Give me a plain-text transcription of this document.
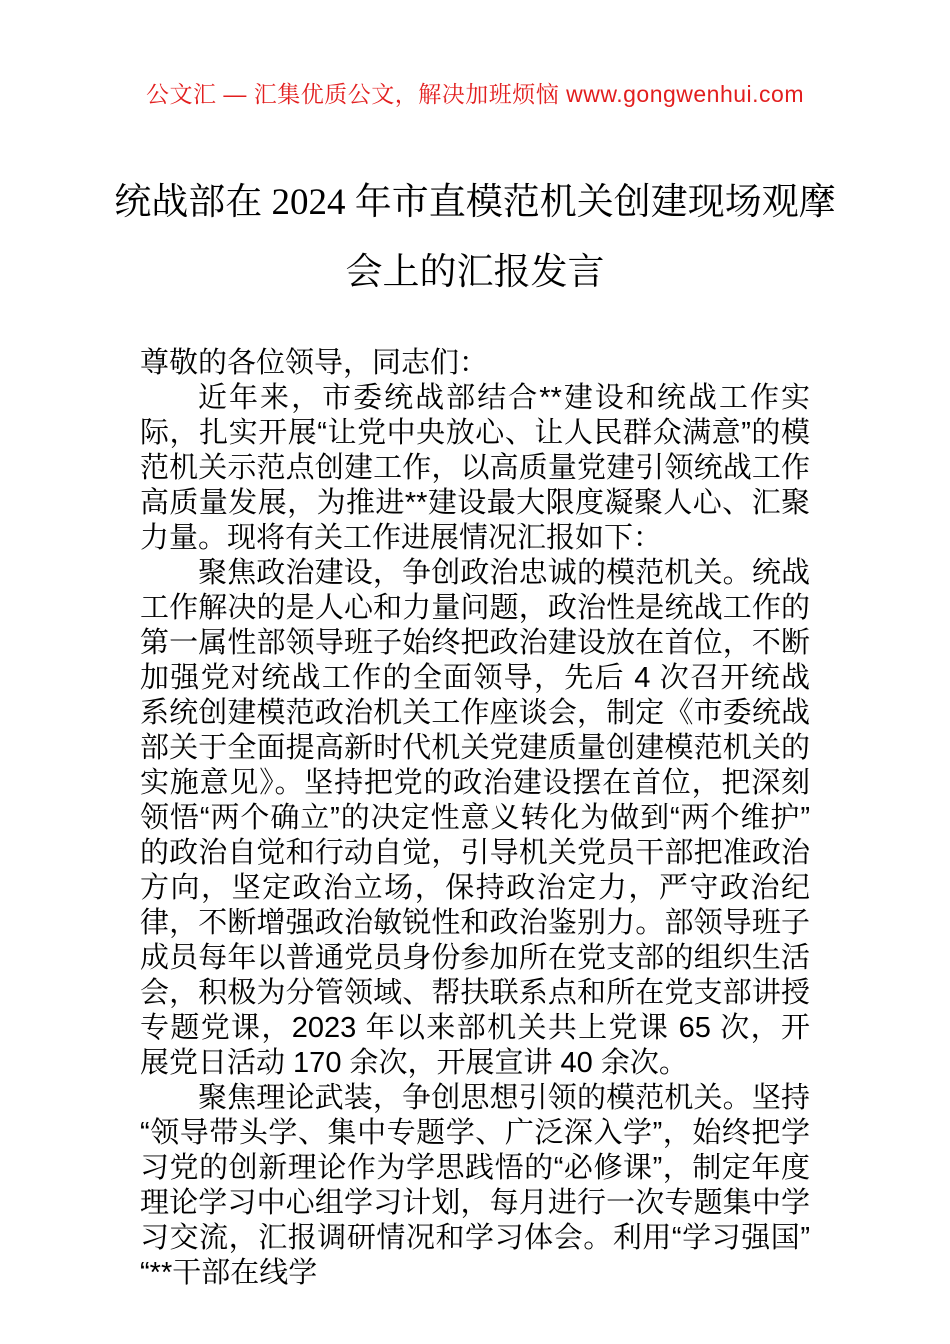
公文汇 — 汇集优质公文，解决加班烦恼 www.gongwenhui.com
统战部在 2024 年市直模范机关创建现场观摩会上的汇报发言

尊敬的各位领导，同志们：

近年来，市委统战部结合**建设和统战工作实际，扎实开展“让党中央放心、让人民群众满意”的模范机关示范点创建工作，以高质量党建引领统战工作高质量发展，为推进**建设最大限度凝聚人心、汇聚力量。现将有关工作进展情况汇报如下：

聚焦政治建设，争创政治忠诚的模范机关。统战工作解决的是人心和力量问题，政治性是统战工作的第一属性部领导班子始终把政治建设放在首位，不断加强党对统战工作的全面领导，先后 4 次召开统战系统创建模范政治机关工作座谈会，制定《市委统战部关于全面提高新时代机关党建质量创建模范机关的实施意见》。坚持把党的政治建设摆在首位，把深刻领悟“两个确立”的决定性意义转化为做到“两个维护”的政治自觉和行动自觉，引导机关党员干部把准政治方向，坚定政治立场，保持政治定力，严守政治纪律，不断增强政治敏锐性和政治鉴别力。部领导班子成员每年以普通党员身份参加所在党支部的组织生活会，积极为分管领域、帮扶联系点和所在党支部讲授专题党课，2023 年以来部机关共上党课 65 次，开展党日活动 170 余次，开展宣讲 40 余次。

聚焦理论武装，争创思想引领的模范机关。坚持“领导带头学、集中专题学、广泛深入学”，始终把学习党的创新理论作为学思践悟的“必修课”，制定年度理论学习中心组学习计划，每月进行一次专题集中学习交流，汇报调研情况和学习体会。利用“学习强国” “**干部在线学
